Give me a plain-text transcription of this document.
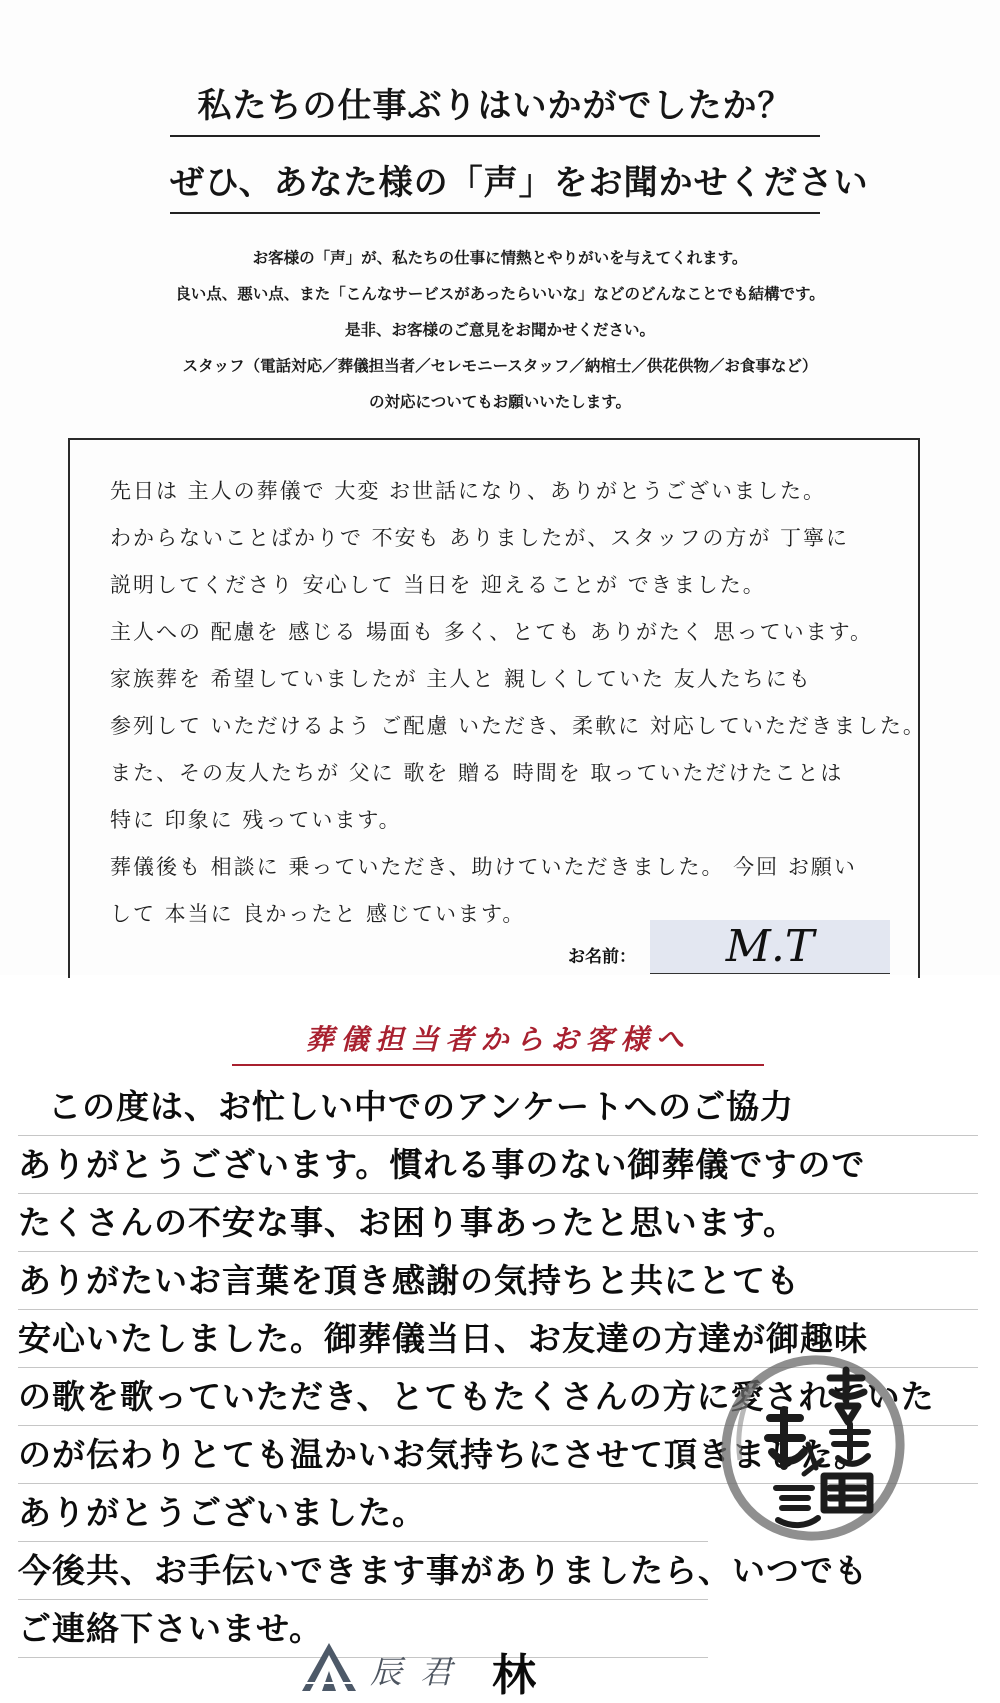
私たちの仕事ぶりはいかがでしたか？
ぜひ、あなた様の「声」をお聞かせください
お客様の「声」が、私たちの仕事に情熱とやりがいを与えてくれます。
良い点、悪い点、また「こんなサービスがあったらいいな」などのどんなことでも結構です。
是非、お客様のご意見をお聞かせください。
スタッフ（電話対応／葬儀担当者／セレモニースタッフ／納棺士／供花供物／お食事など）
の対応についてもお願いいたします。
先日は 主人の葬儀で 大変 お世話になり、ありがとうございました。
わからないことばかりで 不安も ありましたが、スタッフの方が 丁寧に
説明してくださり 安心して 当日を 迎えることが できました。
主人への 配慮を 感じる 場面も 多く、とても ありがたく 思っています。
家族葬を 希望していましたが 主人と 親しくしていた 友人たちにも
参列して いただけるよう ご配慮 いただき、柔軟に 対応していただきました。
また、その友人たちが 父に 歌を 贈る 時間を 取っていただけたことは
特に 印象に 残っています。
葬儀後も 相談に 乗っていただき、助けていただきました。 今回 お願い
して 本当に 良かったと 感じています。
お名前：	M.T
葬儀担当者からお客様へ
この度は、お忙しい中でのアンケートへのご協力
ありがとうございます。慣れる事のない御葬儀ですので
たくさんの不安な事、お困り事あったと思います。
ありがたいお言葉を頂き感謝の気持ちと共にとても
安心いたしました。御葬儀当日、お友達の方達が御趣味
の歌を歌っていただき、とてもたくさんの方に愛されていた
のが伝わりとても温かいお気持ちにさせて頂きました。
ありがとうございました。
今後共、お手伝いできます事がありましたら、いつでも
ご連絡下さいませ。
辰君 林
